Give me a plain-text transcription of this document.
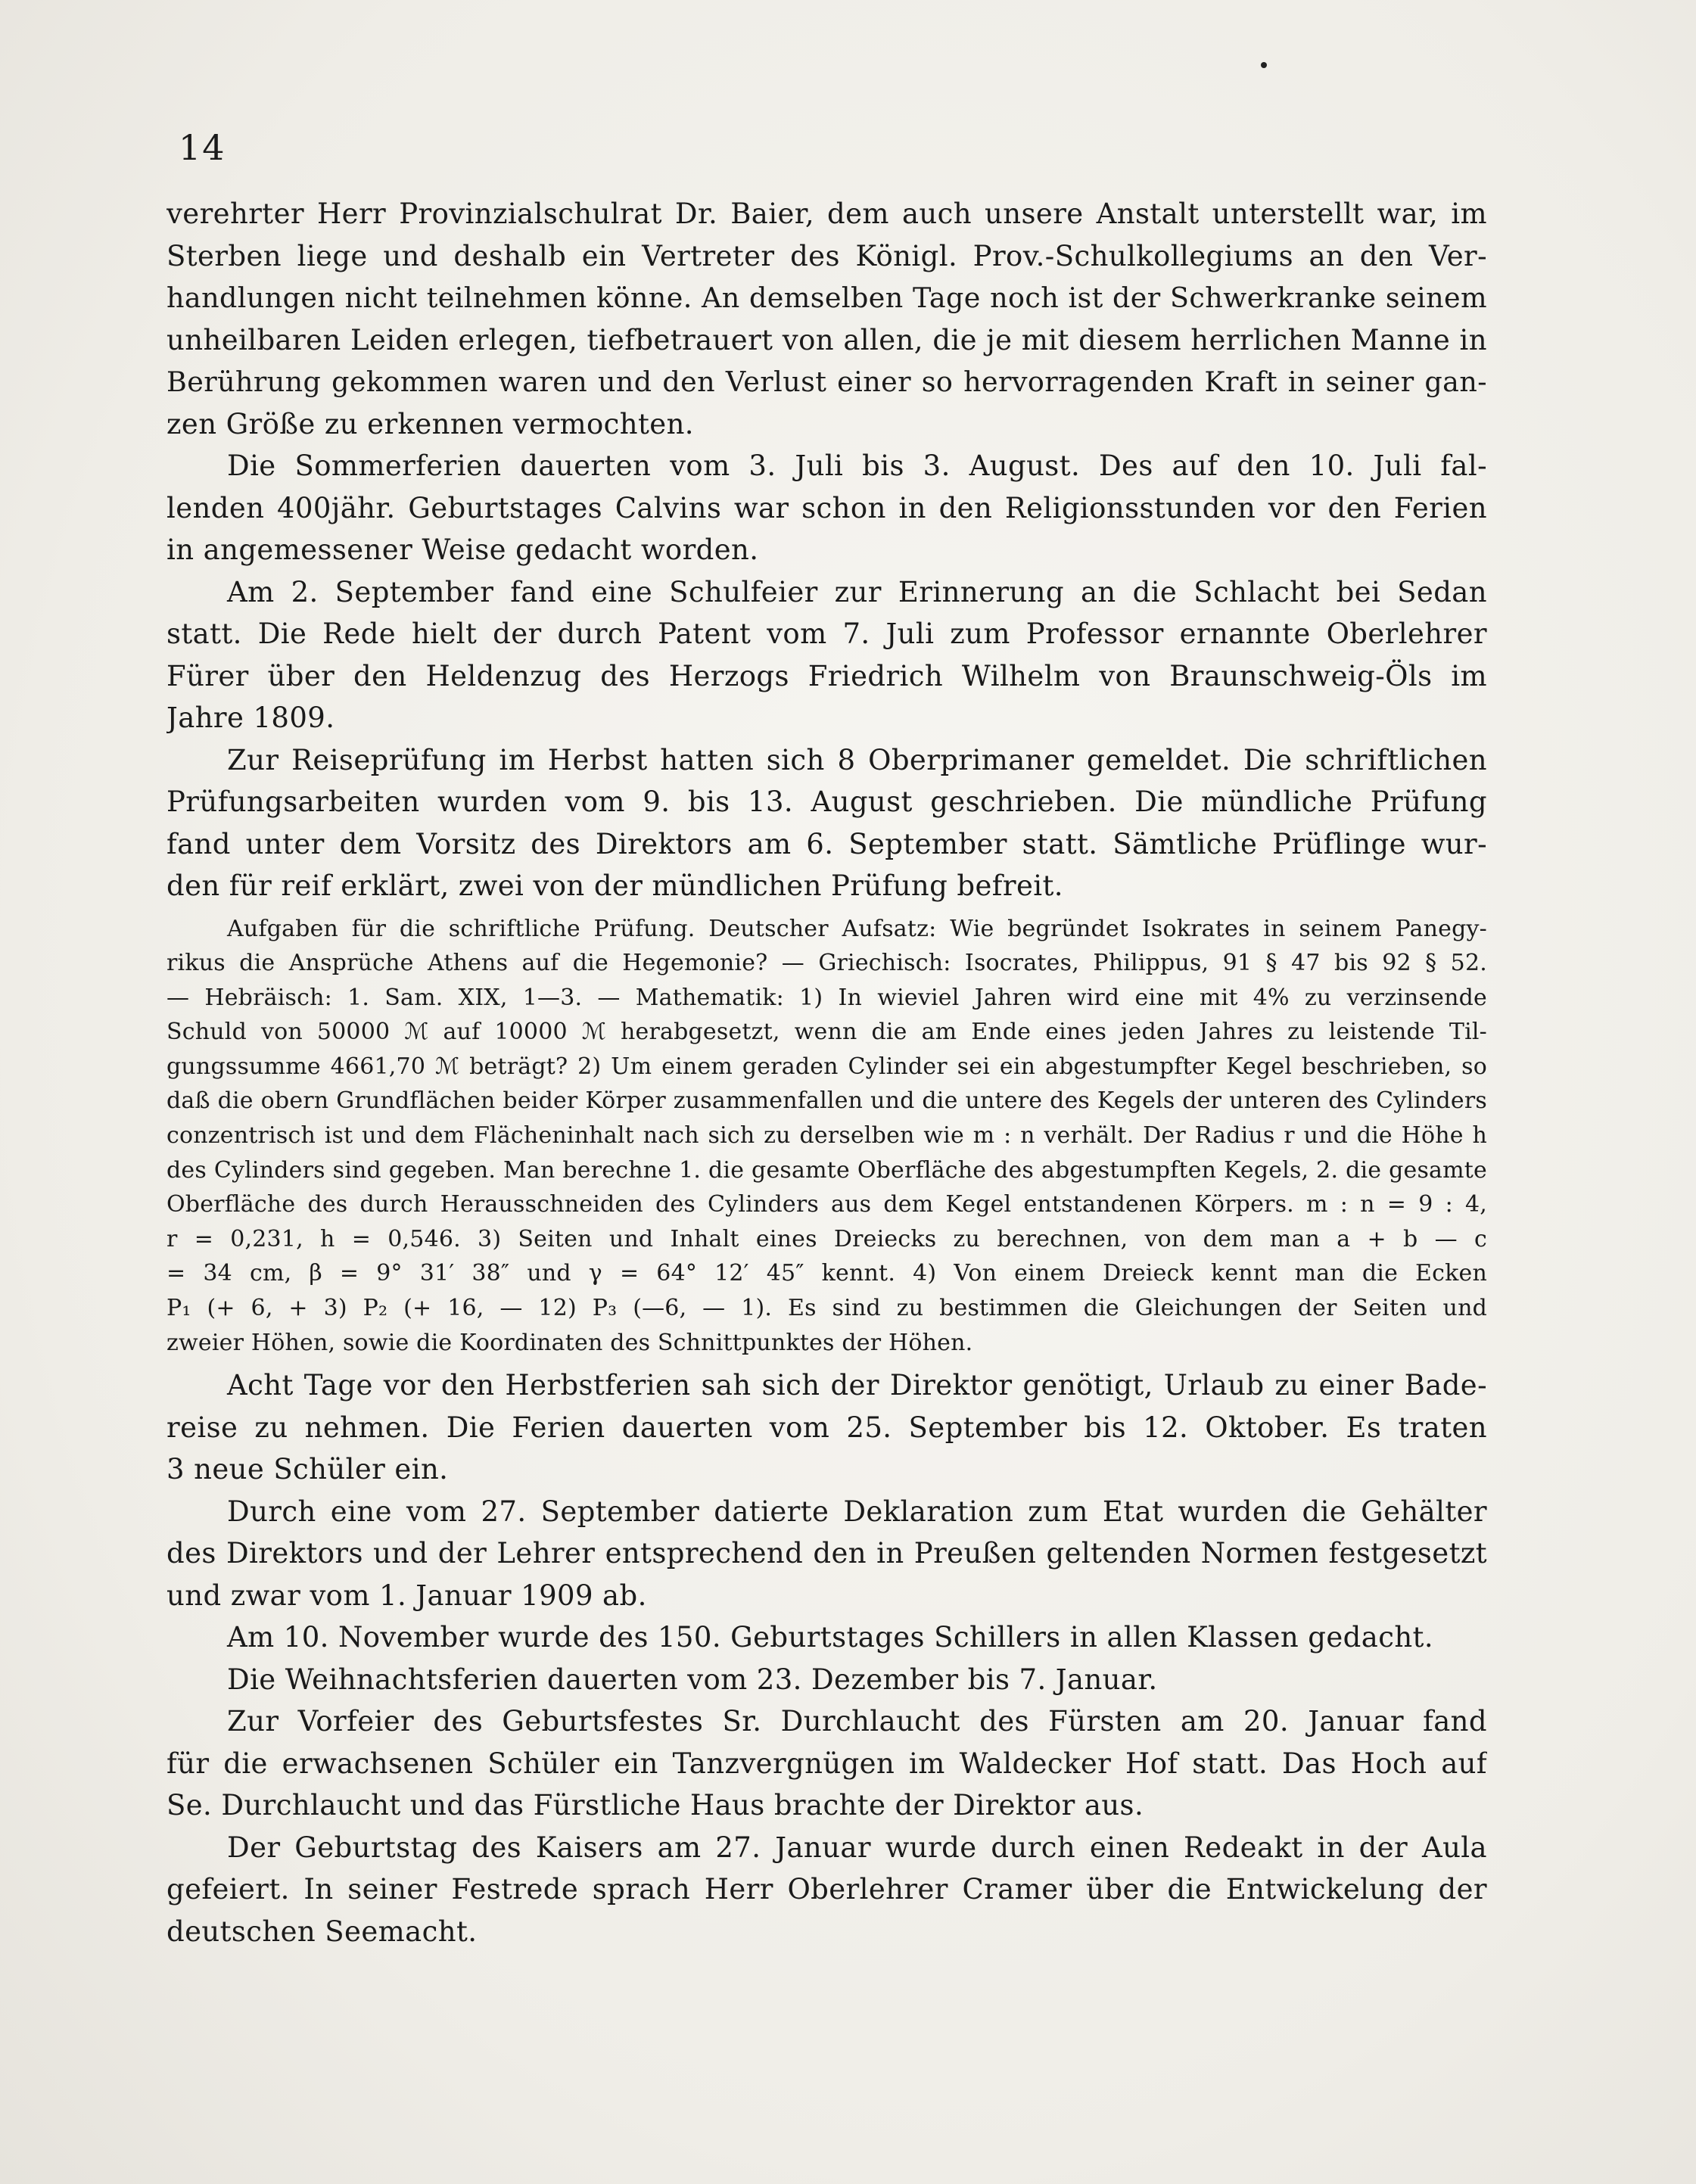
14
verehrter Herr Provinzialschulrat Dr. Baier, dem auch unsere Anstalt unterstellt war, im
Sterben liege und deshalb ein Vertreter des Königl. Prov.-Schulkollegiums an den Ver-
handlungen nicht teilnehmen könne. An demselben Tage noch ist der Schwerkranke seinem
unheilbaren Leiden erlegen, tiefbetrauert von allen, die je mit diesem herrlichen Manne in
Berührung gekommen waren und den Verlust einer so hervorragenden Kraft in seiner gan-
zen Größe zu erkennen vermochten.
Die Sommerferien dauerten vom 3. Juli bis 3. August. Des auf den 10. Juli fal-
lenden 400jähr. Geburtstages Calvins war schon in den Religionsstunden vor den Ferien
in angemessener Weise gedacht worden.
Am 2. September fand eine Schulfeier zur Erinnerung an die Schlacht bei Sedan
statt. Die Rede hielt der durch Patent vom 7. Juli zum Professor ernannte Oberlehrer
Fürer über den Heldenzug des Herzogs Friedrich Wilhelm von Braunschweig-Öls im
Jahre 1809.
Zur Reiseprüfung im Herbst hatten sich 8 Oberprimaner gemeldet. Die schriftlichen
Prüfungsarbeiten wurden vom 9. bis 13. August geschrieben. Die mündliche Prüfung
fand unter dem Vorsitz des Direktors am 6. September statt. Sämtliche Prüflinge wur-
den für reif erklärt, zwei von der mündlichen Prüfung befreit.
Aufgaben für die schriftliche Prüfung. Deutscher Aufsatz: Wie begründet Isokrates in seinem Panegy-
rikus die Ansprüche Athens auf die Hegemonie? — Griechisch: Isocrates, Philippus, 91 § 47 bis 92 § 52.
— Hebräisch: 1. Sam. XIX, 1—3. — Mathematik: 1) In wieviel Jahren wird eine mit 4% zu verzinsende
Schuld von 50000 ℳ auf 10000 ℳ herabgesetzt, wenn die am Ende eines jeden Jahres zu leistende Til-
gungssumme 4661,70 ℳ beträgt? 2) Um einem geraden Cylinder sei ein abgestumpfter Kegel beschrieben, so
daß die obern Grundflächen beider Körper zusammenfallen und die untere des Kegels der unteren des Cylinders
conzentrisch ist und dem Flächeninhalt nach sich zu derselben wie m : n verhält. Der Radius r und die Höhe h
des Cylinders sind gegeben. Man berechne 1. die gesamte Oberfläche des abgestumpften Kegels, 2. die gesamte
Oberfläche des durch Herausschneiden des Cylinders aus dem Kegel entstandenen Körpers. m : n = 9 : 4,
r = 0,231, h = 0,546. 3) Seiten und Inhalt eines Dreiecks zu berechnen, von dem man a + b — c
= 34 cm, β = 9° 31′ 38″ und γ = 64° 12′ 45″ kennt. 4) Von einem Dreieck kennt man die Ecken
P₁ (+ 6, + 3) P₂ (+ 16, — 12) P₃ (—6, — 1). Es sind zu bestimmen die Gleichungen der Seiten und
zweier Höhen, sowie die Koordinaten des Schnittpunktes der Höhen.
Acht Tage vor den Herbstferien sah sich der Direktor genötigt, Urlaub zu einer Bade-
reise zu nehmen. Die Ferien dauerten vom 25. September bis 12. Oktober. Es traten
3 neue Schüler ein.
Durch eine vom 27. September datierte Deklaration zum Etat wurden die Gehälter
des Direktors und der Lehrer entsprechend den in Preußen geltenden Normen festgesetzt
und zwar vom 1. Januar 1909 ab.
Am 10. November wurde des 150. Geburtstages Schillers in allen Klassen gedacht.
Die Weihnachtsferien dauerten vom 23. Dezember bis 7. Januar.
Zur Vorfeier des Geburtsfestes Sr. Durchlaucht des Fürsten am 20. Januar fand
für die erwachsenen Schüler ein Tanzvergnügen im Waldecker Hof statt. Das Hoch auf
Se. Durchlaucht und das Fürstliche Haus brachte der Direktor aus.
Der Geburtstag des Kaisers am 27. Januar wurde durch einen Redeakt in der Aula
gefeiert. In seiner Festrede sprach Herr Oberlehrer Cramer über die Entwickelung der
deutschen Seemacht.
